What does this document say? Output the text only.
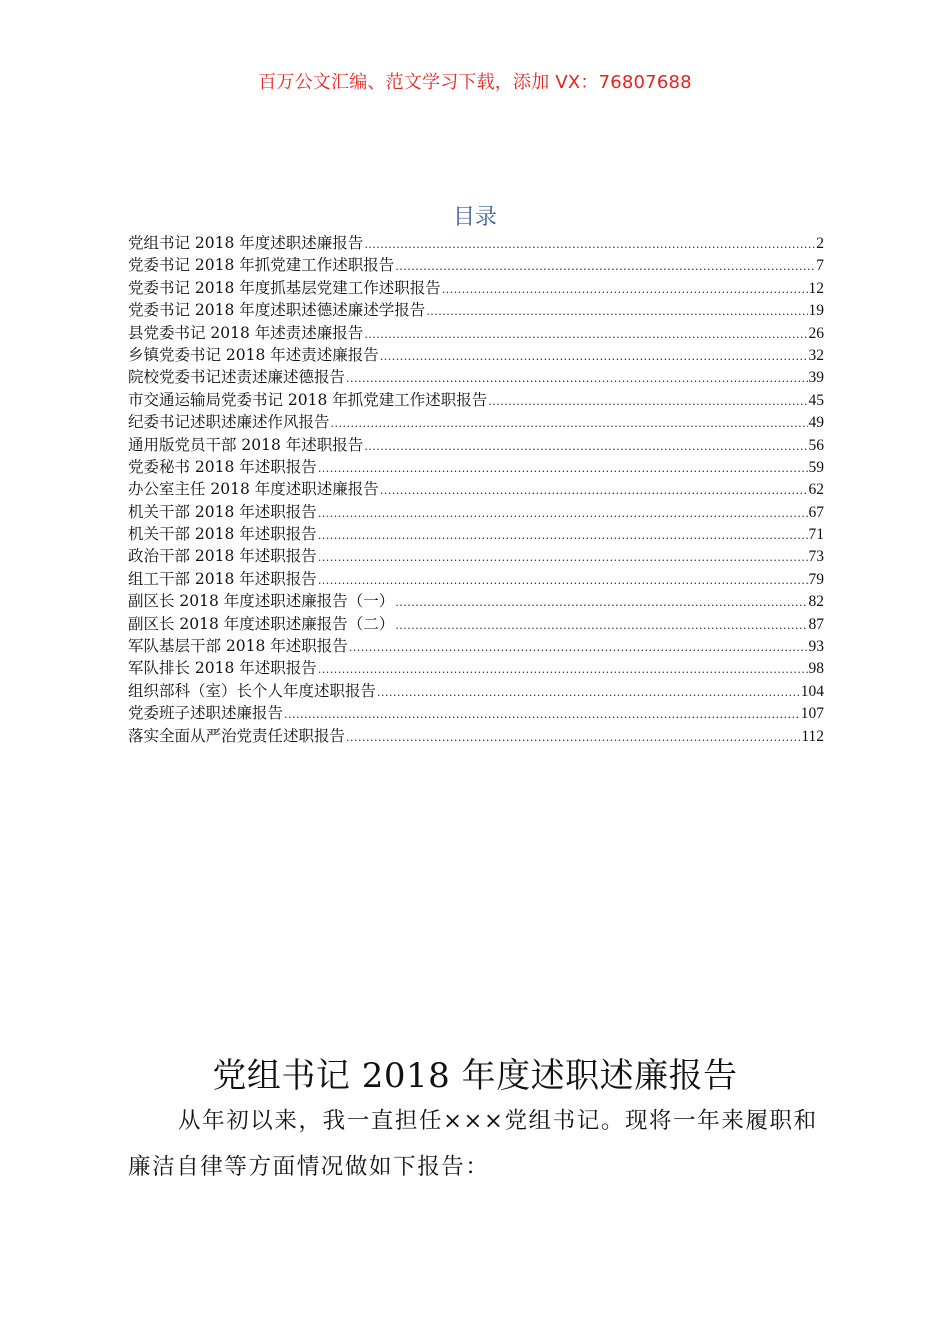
百万公文汇编、范文学习下载，添加 VX：76807688
目录
党组书记 2018 年度述职述廉报告 .....	2
党委书记 2018 年抓党建工作述职报告 .....	7
党委书记 2018 年度抓基层党建工作述职报告 .....	12
党委书记 2018 年度述职述德述廉述学报告 .....	19
县党委书记 2018 年述责述廉报告 .....	26
乡镇党委书记 2018 年述责述廉报告 .....	32
院校党委书记述责述廉述德报告 .....	39
市交通运输局党委书记 2018 年抓党建工作述职报告 .....	45
纪委书记述职述廉述作风报告 .....	49
通用版党员干部 2018 年述职报告 .....	56
党委秘书 2018 年述职报告 .....	59
办公室主任 2018 年度述职述廉报告 .....	62
机关干部 2018 年述职报告 .....	67
机关干部 2018 年述职报告 .....	71
政治干部 2018 年述职报告 .....	73
组工干部 2018 年述职报告 .....	79
副区长 2018 年度述职述廉报告（一） .....	82
副区长 2018 年度述职述廉报告（二） .....	87
军队基层干部 2018 年述职报告 .....	93
军队排长 2018 年述职报告 .....	98
组织部科（室）长个人年度述职报告 .....	104
党委班子述职述廉报告 .....	107
落实全面从严治党责任述职报告 .....	112
党组书记 2018 年度述职述廉报告

从年初以来，我一直担任×××党组书记。现将一年来履职和廉洁自律等方面情况做如下报告：
